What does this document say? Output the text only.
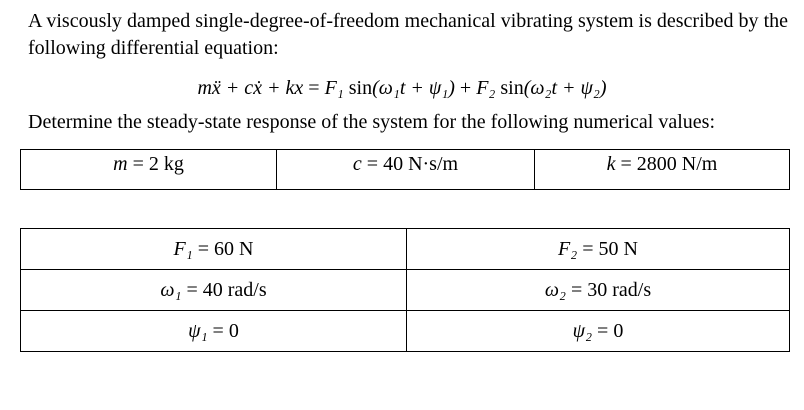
A viscously damped single-degree-of-freedom mechanical vibrating system is described by the following differential equation:
mẍ + cẋ + kx = F₁ sin(ω₁t + ψ₁) + F₂ sin(ω₂t + ψ₂)
Determine the steady-state response of the system for the following numerical values:
m = 2 kg	c = 40 N·s/m	k = 2800 N/m
F₁ = 60 N	F₂ = 50 N
ω₁ = 40 rad/s	ω₂ = 30 rad/s
ψ₁ = 0	ψ₂ = 0
